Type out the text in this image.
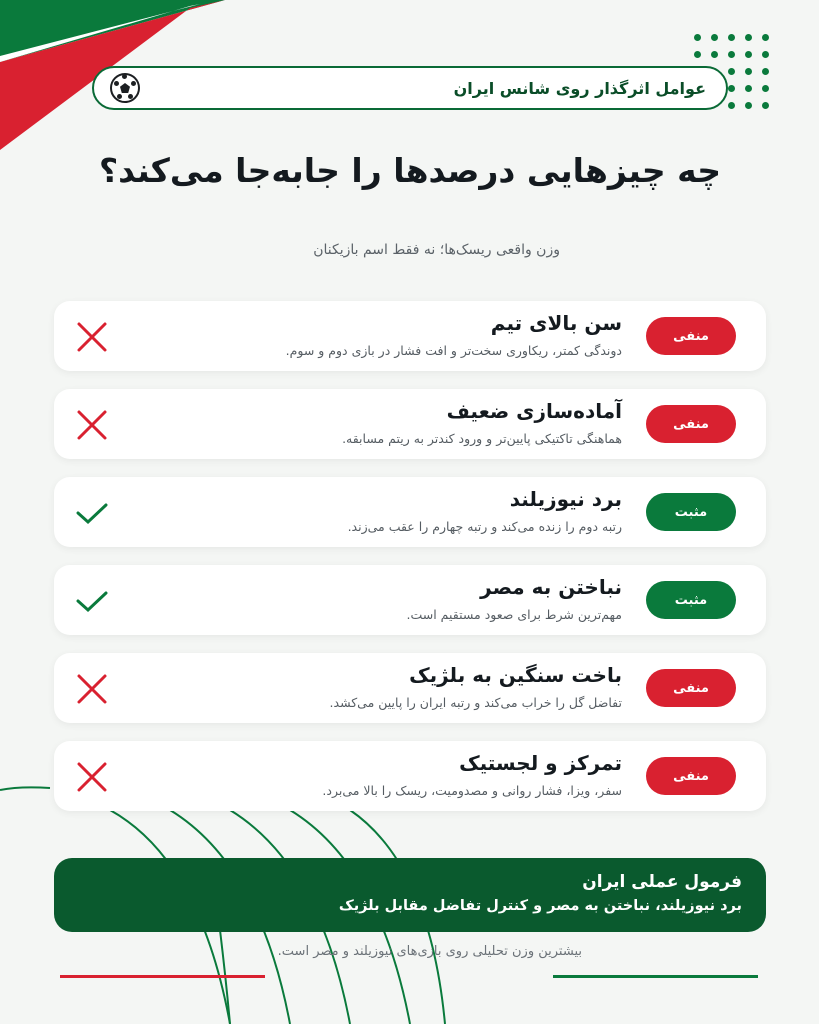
عوامل اثرگذار روی شانس ایران
چه چیزهایی درصدها را جابه‌جا می‌کند؟

وزن واقعی ریسک‌ها؛ نه فقط اسم بازیکنان

منفی
سن بالای تیم
دوندگی کمتر، ریکاوری سخت‌تر و افت فشار در بازی دوم و سوم.
منفی
آماده‌سازی ضعیف
هماهنگی تاکتیکی پایین‌تر و ورود کندتر به ریتم مسابقه.
مثبت
برد نیوزیلند
رتبه دوم را زنده می‌کند و رتبه چهارم را عقب می‌زند.
مثبت
نباختن به مصر
مهم‌ترین شرط برای صعود مستقیم است.
منفی
باخت سنگین به بلژیک
تفاضل گل را خراب می‌کند و رتبه ایران را پایین می‌کشد.
منفی
تمرکز و لجستیک
سفر، ویزا، فشار روانی و مصدومیت، ریسک را بالا می‌برد.
فرمول عملی ایران
برد نیوزیلند، نباختن به مصر و کنترل تفاضل مقابل بلژیک

بیشترین وزن تحلیلی روی بازی‌های نیوزیلند و مصر است.
